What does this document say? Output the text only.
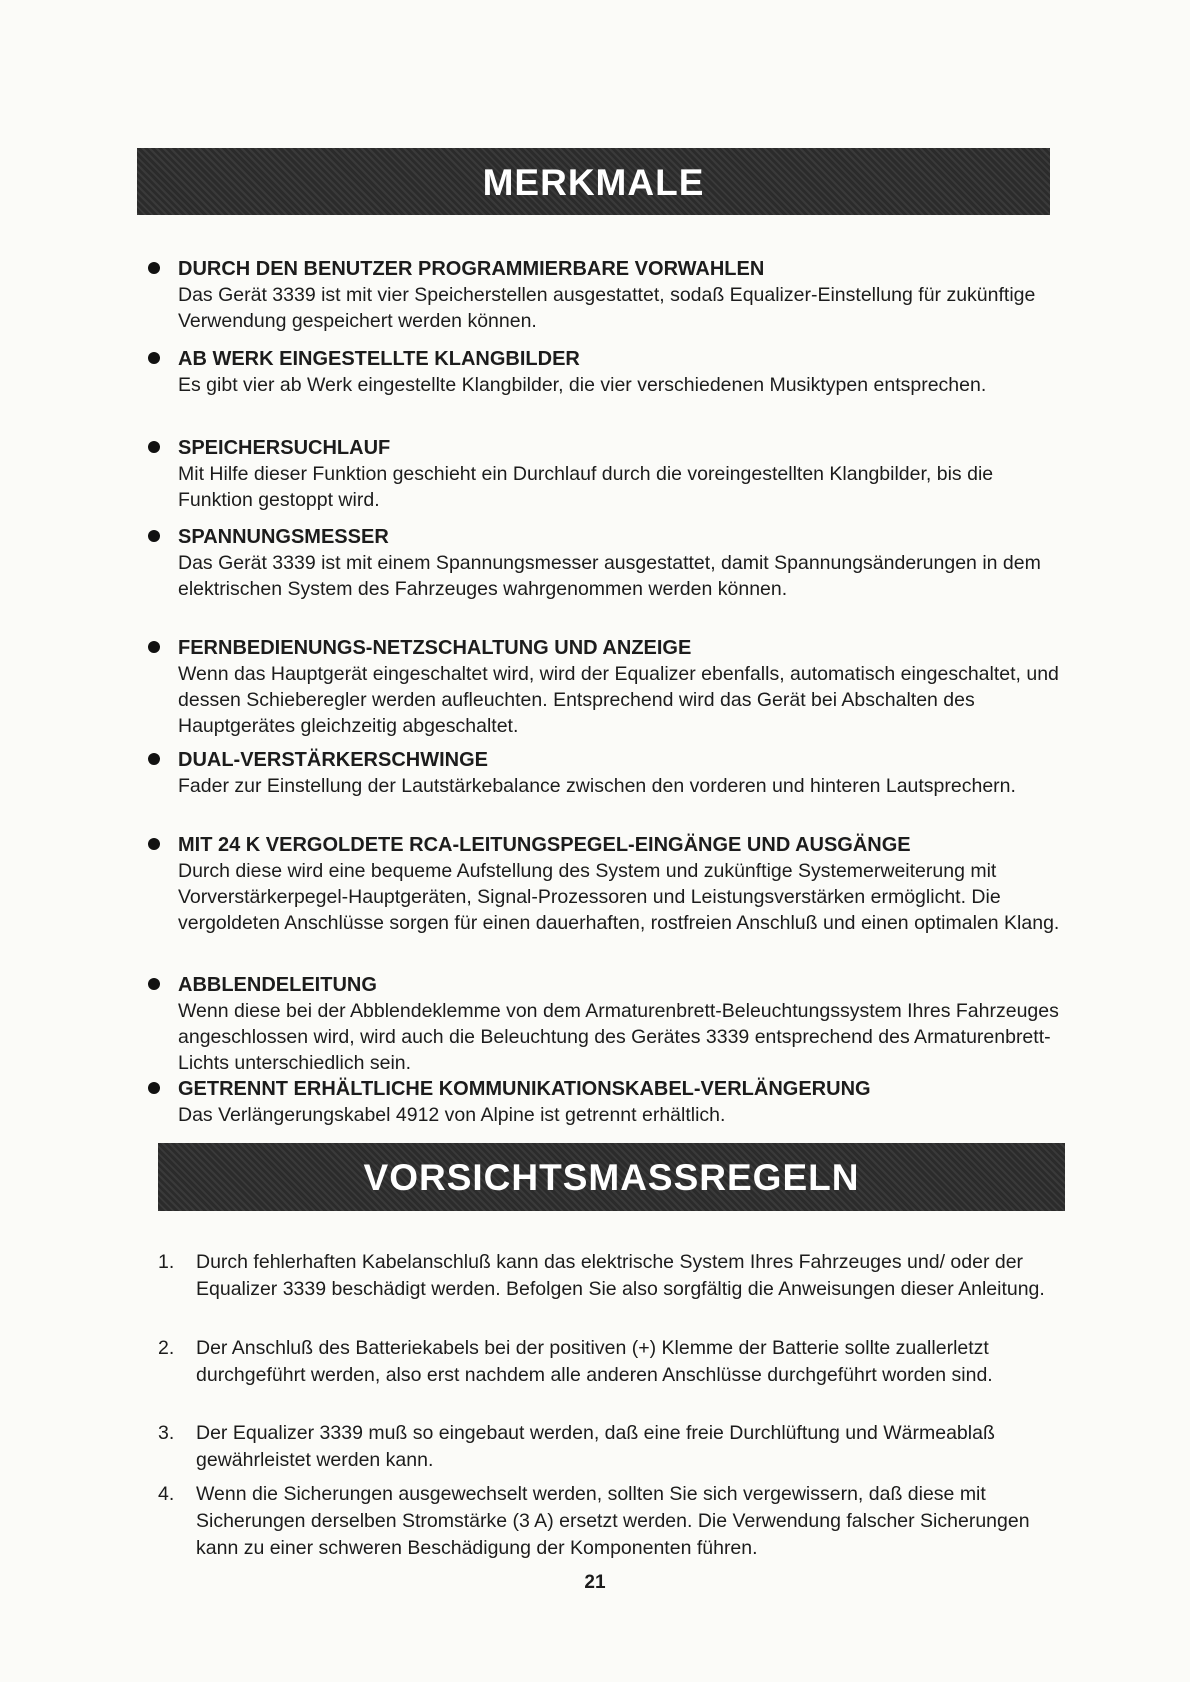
MERKMALE
DURCH DEN BENUTZER PROGRAMMIERBARE VORWAHLEN
Das Gerät 3339 ist mit vier Speicherstellen ausgestattet, sodaß Equalizer-Einstellung für zukünftige Verwendung gespeichert werden können.
AB WERK EINGESTELLTE KLANGBILDER
Es gibt vier ab Werk eingestellte Klangbilder, die vier verschiedenen Musiktypen entsprechen.
SPEICHERSUCHLAUF
Mit Hilfe dieser Funktion geschieht ein Durchlauf durch die voreingestellten Klangbilder, bis die Funktion gestoppt wird.
SPANNUNGSMESSER
Das Gerät 3339 ist mit einem Spannungsmesser ausgestattet, damit Spannungsänderungen in dem elektrischen System des Fahrzeuges wahrgenommen werden können.
FERNBEDIENUNGS-NETZSCHALTUNG UND ANZEIGE
Wenn das Hauptgerät eingeschaltet wird, wird der Equalizer ebenfalls, automatisch eingeschaltet, und dessen Schieberegler werden aufleuchten. Entsprechend wird das Gerät bei Abschalten des Hauptgerätes gleichzeitig abgeschaltet.
DUAL-VERSTÄRKERSCHWINGE
Fader zur Einstellung der Lautstärkebalance zwischen den vorderen und hinteren Lautsprechern.
MIT 24 K VERGOLDETE RCA-LEITUNGSPEGEL-EINGÄNGE UND AUSGÄNGE
Durch diese wird eine bequeme Aufstellung des System und zukünftige Systemerweiterung mit Vorverstärkerpegel-Hauptgeräten, Signal-Prozessoren und Leistungsverstärken ermöglicht. Die vergoldeten Anschlüsse sorgen für einen dauerhaften, rostfreien Anschluß und einen optimalen Klang.
ABBLENDELEITUNG
Wenn diese bei der Abblendeklemme von dem Armaturenbrett-Beleuchtungssystem Ihres Fahrzeuges angeschlossen wird, wird auch die Beleuchtung des Gerätes 3339 entsprechend des Armaturenbrett-Lichts unterschiedlich sein.
GETRENNT ERHÄLTLICHE KOMMUNIKATIONSKABEL-VERLÄNGERUNG
Das Verlängerungskabel 4912 von Alpine ist getrennt erhältlich.
VORSICHTSMASSREGELN
1.	Durch fehlerhaften Kabelanschluß kann das elektrische System Ihres Fahrzeuges und/ oder der Equalizer 3339 beschädigt werden. Befolgen Sie also sorgfältig die Anweisungen dieser Anleitung.
2.	Der Anschluß des Batteriekabels bei der positiven (+) Klemme der Batterie sollte zuallerletzt durchgeführt werden, also erst nachdem alle anderen Anschlüsse durchgeführt worden sind.
3.	Der Equalizer 3339 muß so eingebaut werden, daß eine freie Durchlüftung und Wärmeablaß gewährleistet werden kann.
4.	Wenn die Sicherungen ausgewechselt werden, sollten Sie sich vergewissern, daß diese mit Sicherungen derselben Stromstärke (3 A) ersetzt werden. Die Verwendung falscher Sicherungen kann zu einer schweren Beschädigung der Komponenten führen.
21
